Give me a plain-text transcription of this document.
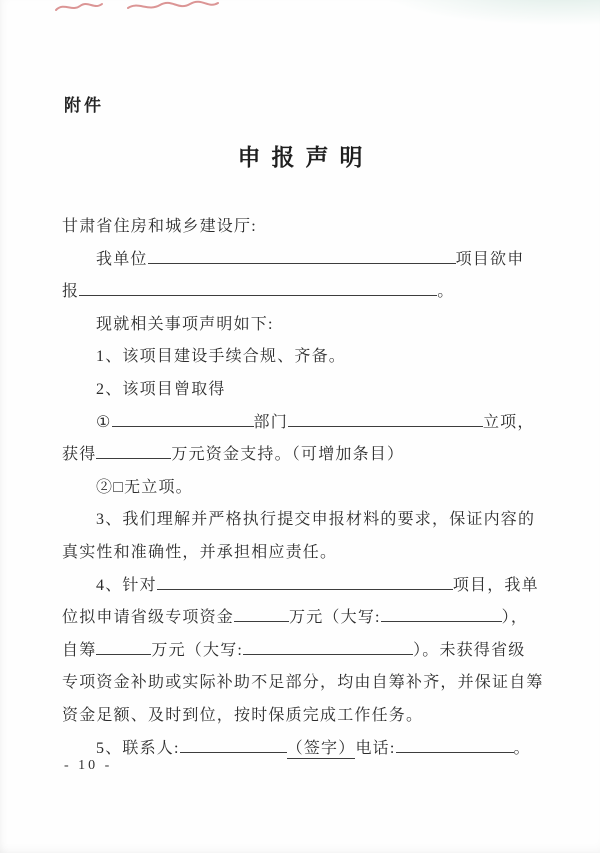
附件
申报声明
甘肃省住房和城乡建设厅:
我单位	项目欲申
报	。
现就相关事项声明如下:
1、该项目建设手续合规、齐备。
2、该项目曾取得
①	部门	立项，
获得	万元资金支持。（可增加条目）
②□无立项。
3、我们理解并严格执行提交申报材料的要求，保证内容的
真实性和准确性，并承担相应责任。
4、针对	项目，我单
位拟申请省级专项资金	万元（大写:	），
自筹	万元（大写:	）。未获得省级
专项资金补助或实际补助不足部分，均由自筹补齐，并保证自筹
资金足额、及时到位，按时保质完成工作任务。
5、联系人:	（签字）电话:	。
- 10 -
